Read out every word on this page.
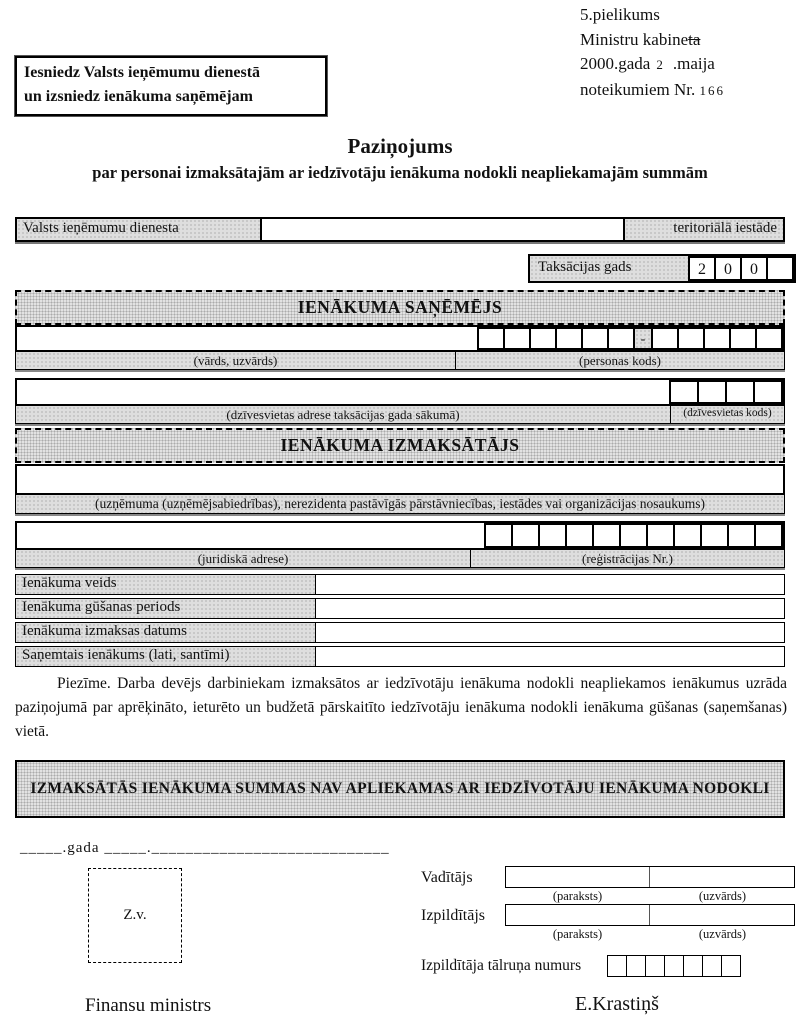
Iesniedz Valsts ieņēmumu dienestā
un izsniedz ienākuma saņēmējam
5.pielikums
Ministru kabineta
2000.gada 2 .maija
noteikumiem Nr. 166
Paziņojums
par personai izmaksātajām ar iedzīvotāju ienākuma nodokli neapliekamajām summām
Valsts ieņēmumu dienesta	teritoriālā iestāde
Taksācijas gads	2	0	0
IENĀKUMA SAŅĒMĒJS
-
(vārds, uzvārds)	(personas kods)
(dzīvesvietas adrese taksācijas gada sākumā)	(dzīvesvietas kods)
IENĀKUMA IZMAKSĀTĀJS
(uzņēmuma (uzņēmējsabiedrības), nerezidenta pastāvīgās pārstāvniecības, iestādes vai organizācijas nosaukums)
(juridiskā adrese)	(reģistrācijas Nr.)
Ienākuma veids
Ienākuma gūšanas periods
Ienākuma izmaksas datums
Saņemtais ienākums (lati, santīmi)
Piezīme. Darba devējs darbiniekam izmaksātos ar iedzīvotāju ienākuma nodokli neapliekamos ienākumus uzrāda paziņojumā par aprēķināto, ieturēto un budžetā pārskaitīto iedzīvotāju ienākuma nodokli ienākuma gūšanas (saņemšanas) vietā.
IZMAKSĀTĀS IENĀKUMA SUMMAS NAV APLIEKAMAS AR IEDZĪVOTĀJU IENĀKUMA NODOKLI
_____.gada _____.____________________________
Z.v.
Vadītājs
(paraksts)	(uzvārds)
Izpildītājs
(paraksts)	(uzvārds)
Izpildītāja tālruņa numurs
Finansu ministrs	E.Krastiņš
